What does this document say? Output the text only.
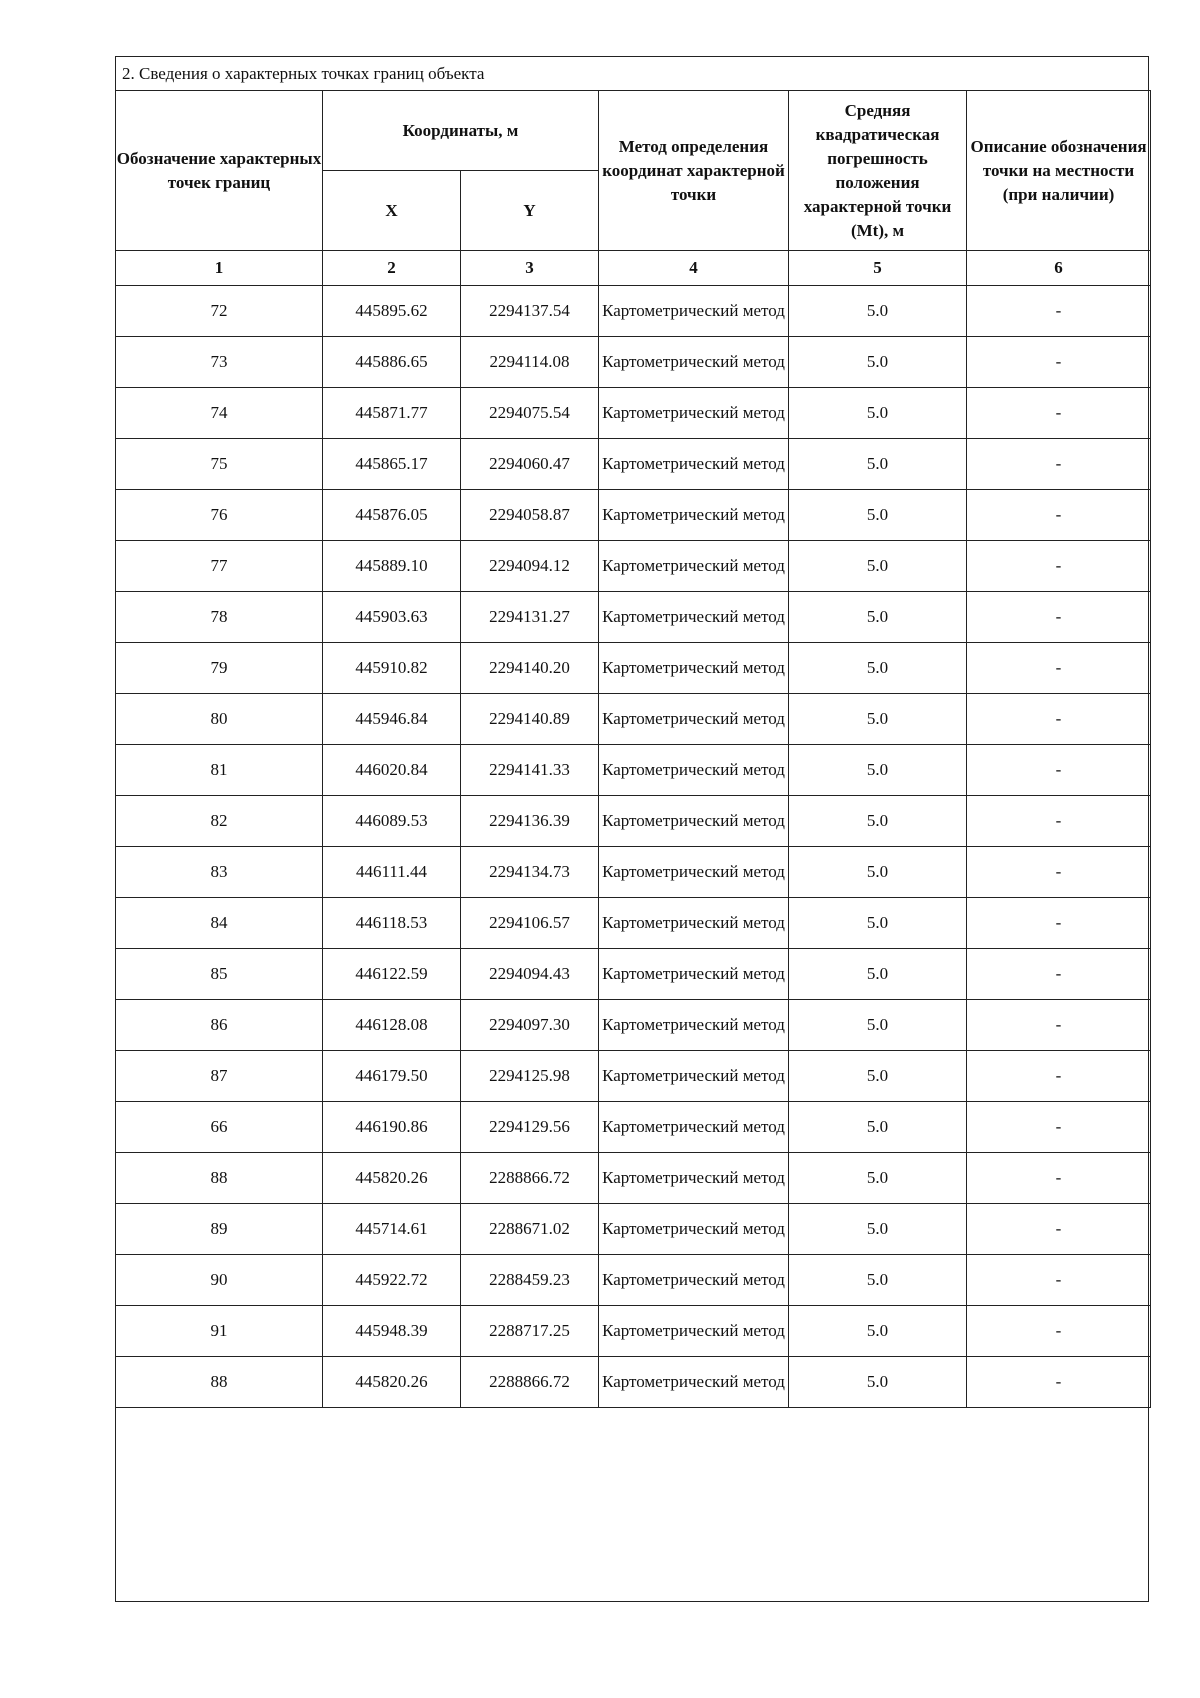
2. Сведения о характерных точках границ объекта
Обозначение характерных точек границ	Координаты, м		Метод определения координат характерной точки	Средняя квадратическая погрешность положения характерной точки (Mt), м	Описание обозначения точки на местности (при наличии)
	X	Y			
1	2	3	4	5	6
72	445895.62	2294137.54	Картометрический метод	5.0	-
73	445886.65	2294114.08	Картометрический метод	5.0	-
74	445871.77	2294075.54	Картометрический метод	5.0	-
75	445865.17	2294060.47	Картометрический метод	5.0	-
76	445876.05	2294058.87	Картометрический метод	5.0	-
77	445889.10	2294094.12	Картометрический метод	5.0	-
78	445903.63	2294131.27	Картометрический метод	5.0	-
79	445910.82	2294140.20	Картометрический метод	5.0	-
80	445946.84	2294140.89	Картометрический метод	5.0	-
81	446020.84	2294141.33	Картометрический метод	5.0	-
82	446089.53	2294136.39	Картометрический метод	5.0	-
83	446111.44	2294134.73	Картометрический метод	5.0	-
84	446118.53	2294106.57	Картометрический метод	5.0	-
85	446122.59	2294094.43	Картометрический метод	5.0	-
86	446128.08	2294097.30	Картометрический метод	5.0	-
87	446179.50	2294125.98	Картометрический метод	5.0	-
66	446190.86	2294129.56	Картометрический метод	5.0	-
88	445820.26	2288866.72	Картометрический метод	5.0	-
89	445714.61	2288671.02	Картометрический метод	5.0	-
90	445922.72	2288459.23	Картометрический метод	5.0	-
91	445948.39	2288717.25	Картометрический метод	5.0	-
88	445820.26	2288866.72	Картометрический метод	5.0	-
